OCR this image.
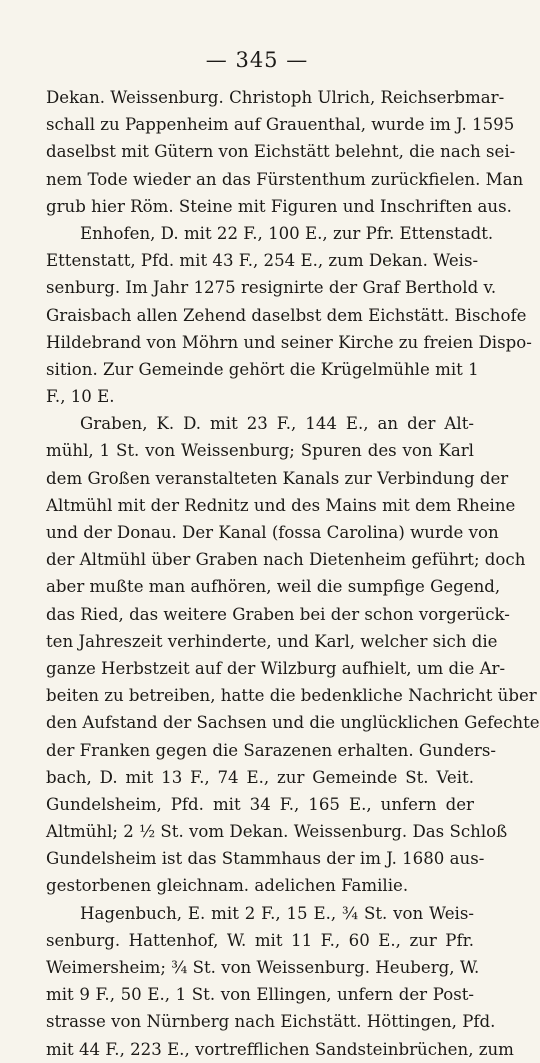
— 345 —
Dekan. Weissenburg. Christoph Ulrich, Reichserbmar-
schall zu Pappenheim auf Grauenthal, wurde im J. 1595
daselbst mit Gütern von Eichstätt belehnt, die nach sei-
nem Tode wieder an das Fürstenthum zurückfielen. Man
grub hier Röm. Steine mit Figuren und Inschriften aus.
Enhofen, D. mit 22 F., 100 E., zur Pfr. Ettenstadt.
Ettenstatt, Pfd. mit 43 F., 254 E., zum Dekan. Weis-
senburg. Im Jahr 1275 resignirte der Graf Berthold v.
Graisbach allen Zehend daselbst dem Eichstätt. Bischofe
Hildebrand von Möhrn und seiner Kirche zu freien Dispo-
sition. Zur Gemeinde gehört die Krügelmühle mit 1
F., 10 E.
Graben, K. D. mit 23 F., 144 E., an der Alt-
mühl, 1 St. von Weissenburg; Spuren des von Karl
dem Großen veranstalteten Kanals zur Verbindung der
Altmühl mit der Rednitz und des Mains mit dem Rheine
und der Donau. Der Kanal (fossa Carolina) wurde von
der Altmühl über Graben nach Dietenheim geführt; doch
aber mußte man aufhören, weil die sumpfige Gegend,
das Ried, das weitere Graben bei der schon vorgerück-
ten Jahreszeit verhinderte, und Karl, welcher sich die
ganze Herbstzeit auf der Wilzburg aufhielt, um die Ar-
beiten zu betreiben, hatte die bedenkliche Nachricht über
den Aufstand der Sachsen und die unglücklichen Gefechte
der Franken gegen die Sarazenen erhalten. Gunders-
bach, D. mit 13 F., 74 E., zur Gemeinde St. Veit.
Gundelsheim, Pfd. mit 34 F., 165 E., unfern der
Altmühl; 2 ½ St. vom Dekan. Weissenburg. Das Schloß
Gundelsheim ist das Stammhaus der im J. 1680 aus-
gestorbenen gleichnam. adelichen Familie.
Hagenbuch, E. mit 2 F., 15 E., ¾ St. von Weis-
senburg. Hattenhof, W. mit 11 F., 60 E., zur Pfr.
Weimersheim; ¾ St. von Weissenburg. Heuberg, W.
mit 9 F., 50 E., 1 St. von Ellingen, unfern der Post-
strasse von Nürnberg nach Eichstätt. Höttingen, Pfd.
mit 44 F., 223 E., vortrefflichen Sandsteinbrüchen, zum
